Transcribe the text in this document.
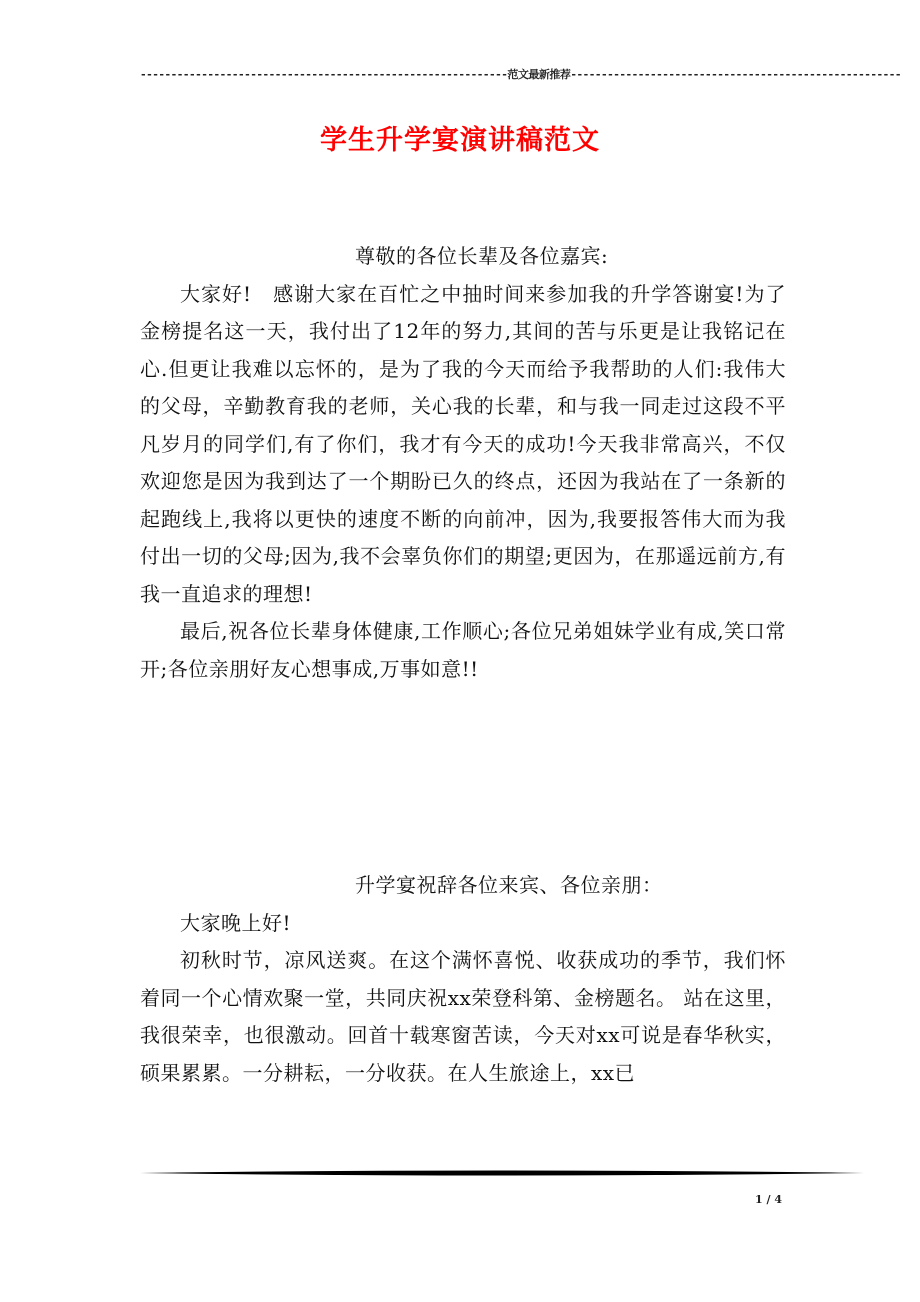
------------------------------------------------------------范文最新推荐------------------------------------------------------
学生升学宴演讲稿范文

尊敬的各位长辈及各位嘉宾:

大家好!　感谢大家在百忙之中抽时间来参加我的升学答谢宴!为了金榜提名这一天，我付出了12年的努力,其间的苦与乐更是让我铭记在心.但更让我难以忘怀的，是为了我的今天而给予我帮助的人们:我伟大的父母，辛勤教育我的老师，关心我的长辈，和与我一同走过这段不平凡岁月的同学们,有了你们，我才有今天的成功!今天我非常高兴，不仅欢迎您是因为我到达了一个期盼已久的终点，还因为我站在了一条新的起跑线上,我将以更快的速度不断的向前冲，因为,我要报答伟大而为我付出一切的父母;因为,我不会辜负你们的期望;更因为，在那遥远前方,有我一直追求的理想!

最后,祝各位长辈身体健康,工作顺心;各位兄弟姐妹学业有成,笑口常开;各位亲朋好友心想事成,万事如意!!

升学宴祝辞各位来宾、各位亲朋：

大家晚上好!

初秋时节，凉风送爽。在这个满怀喜悦、收获成功的季节，我们怀着同一个心情欢聚一堂，共同庆祝xx荣登科第、金榜题名。 站在这里，我很荣幸，也很激动。回首十载寒窗苦读，今天对xx可说是春华秋实，硕果累累。一分耕耘，一分收获。在人生旅途上，xx已

1 / 4
